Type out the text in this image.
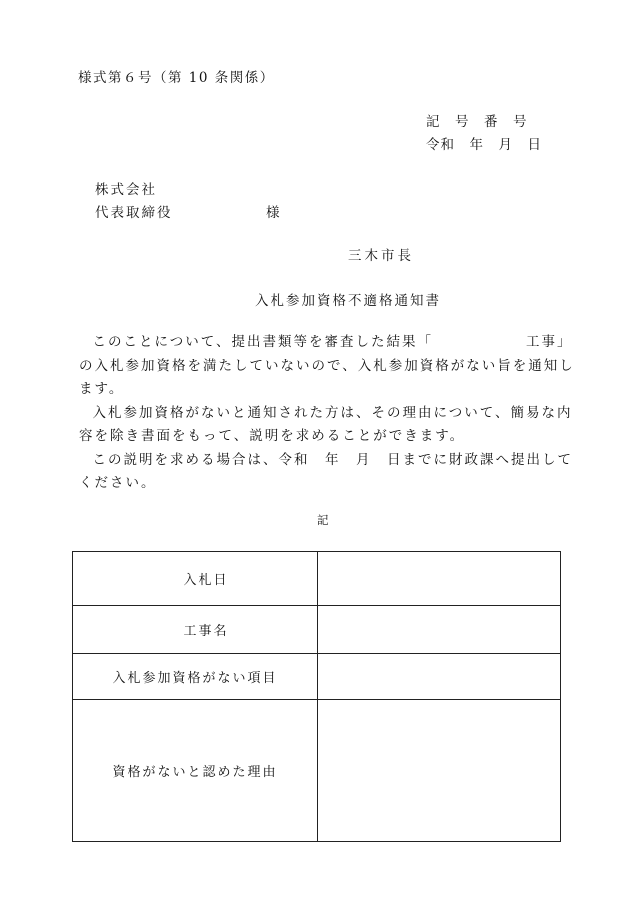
様式第６号（第 10 条関係）
記　号　番　号
令和　年　月　日
株式会社
代表取締役	様
三木市長
入札参加資格不適格通知書

このことについて、提出書類等を審査した結果「　　　　　　工事」の入札参加資格を満たしていないので、入札参加資格がない旨を通知します。

入札参加資格がないと通知された方は、その理由について、簡易な内容を除き書面をもって、説明を求めることができます。

この説明を求める場合は、令和　年　月　日までに財政課へ提出してください。

記
入札日	
工事名	
入札参加資格がない項目	
資格がないと認めた理由	
